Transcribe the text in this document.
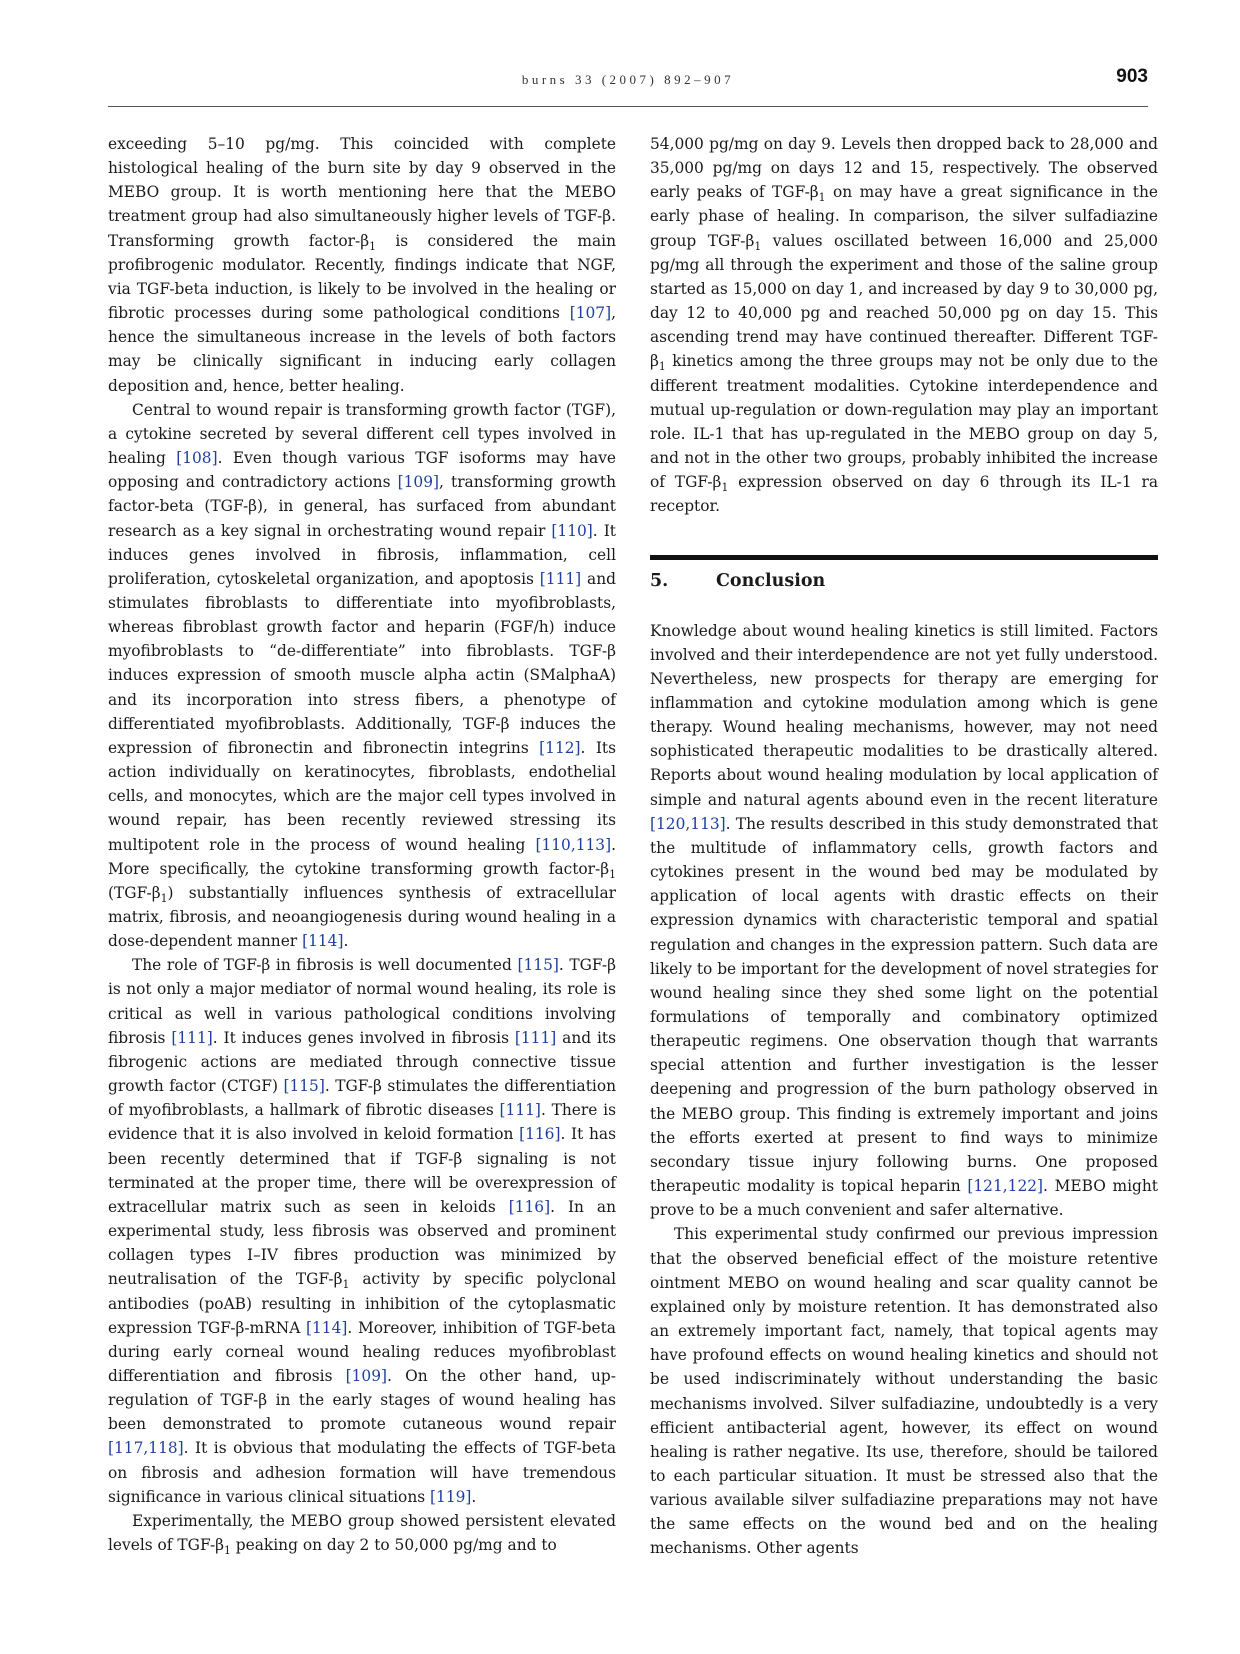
burns 33 (2007) 892–907	903

exceeding 5–10 pg/mg. This coincided with complete histological healing of the burn site by day 9 observed in the MEBO group. It is worth mentioning here that the MEBO treatment group had also simultaneously higher levels of TGF-β. Transforming growth factor-$\beta_1$ is considered the main profibrogenic modulator. Recently, findings indicate that NGF, via TGF-beta induction, is likely to be involved in the healing or fibrotic processes during some pathological conditions [107], hence the simultaneous increase in the levels of both factors may be clinically significant in inducing early collagen deposition and, hence, better healing.

Central to wound repair is transforming growth factor (TGF), a cytokine secreted by several different cell types involved in healing [108]. Even though various TGF isoforms may have opposing and contradictory actions [109], transforming growth factor-beta (TGF-β), in general, has surfaced from abundant research as a key signal in orchestrating wound repair [110]. It induces genes involved in fibrosis, inflammation, cell proliferation, cytoskeletal organization, and apoptosis [111] and stimulates fibroblasts to differentiate into myofibroblasts, whereas fibroblast growth factor and heparin (FGF/h) induce myofibroblasts to “de-differentiate” into fibroblasts. TGF-β induces expression of smooth muscle alpha actin (SMalphaA) and its incorporation into stress fibers, a phenotype of differentiated myofibroblasts. Additionally, TGF-β induces the expression of fibronectin and fibronectin integrins [112]. Its action individually on keratinocytes, fibroblasts, endothelial cells, and monocytes, which are the major cell types involved in wound repair, has been recently reviewed stressing its multipotent role in the process of wound healing [110,113]. More specifically, the cytokine transforming growth factor-$\beta_1$ $(TGF-\beta_1)$ substantially influences synthesis of extracellular matrix, fibrosis, and neoangiogenesis during wound healing in a dose-dependent manner [114].

The role of TGF-β in fibrosis is well documented [115]. TGF-β is not only a major mediator of normal wound healing, its role is critical as well in various pathological conditions involving fibrosis [111]. It induces genes involved in fibrosis [111] and its fibrogenic actions are mediated through connective tissue growth factor (CTGF) [115]. TGF-β stimulates the differentiation of myofibroblasts, a hallmark of fibrotic diseases [111]. There is evidence that it is also involved in keloid formation [116]. It has been recently determined that if TGF-β signaling is not terminated at the proper time, there will be overexpression of extracellular matrix such as seen in keloids [116]. In an experimental study, less fibrosis was observed and prominent collagen types I–IV fibres production was minimized by neutralisation of the TGF-$\beta_1$ activity by specific polyclonal antibodies (poAB) resulting in inhibition of the cytoplasmatic expression TGF-β-mRNA [114]. Moreover, inhibition of TGF-beta during early corneal wound healing reduces myofibroblast differentiation and fibrosis [109]. On the other hand, up-regulation of TGF-β in the early stages of wound healing has been demonstrated to promote cutaneous wound repair [117,118]. It is obvious that modulating the effects of TGF-beta on fibrosis and adhesion formation will have tremendous significance in various clinical situations [119].

Experimentally, the MEBO group showed persistent elevated levels of TGF-$\beta_1$ peaking on day 2 to 50,000 pg/mg and to

54,000 pg/mg on day 9. Levels then dropped back to 28,000 and 35,000 pg/mg on days 12 and 15, respectively. The observed early peaks of TGF-$\beta_1$ on may have a great significance in the early phase of healing. In comparison, the silver sulfadiazine group TGF-$\beta_1$ values oscillated between 16,000 and 25,000 pg/mg all through the experiment and those of the saline group started as 15,000 on day 1, and increased by day 9 to 30,000 pg, day 12 to 40,000 pg and reached 50,000 pg on day 15. This ascending trend may have continued thereafter. Different TGF-$\beta_1$ kinetics among the three groups may not be only due to the different treatment modalities. Cytokine interdependence and mutual up-regulation or down-regulation may play an important role. IL-1 that has up-regulated in the MEBO group on day 5, and not in the other two groups, probably inhibited the increase of TGF-$\beta_1$ expression observed on day 6 through its IL-1 ra receptor.

5.	Conclusion

Knowledge about wound healing kinetics is still limited. Factors involved and their interdependence are not yet fully understood. Nevertheless, new prospects for therapy are emerging for inflammation and cytokine modulation among which is gene therapy. Wound healing mechanisms, however, may not need sophisticated therapeutic modalities to be drastically altered. Reports about wound healing modulation by local application of simple and natural agents abound even in the recent literature [120,113]. The results described in this study demonstrated that the multitude of inflammatory cells, growth factors and cytokines present in the wound bed may be modulated by application of local agents with drastic effects on their expression dynamics with characteristic temporal and spatial regulation and changes in the expression pattern. Such data are likely to be important for the development of novel strategies for wound healing since they shed some light on the potential formulations of temporally and combinatory optimized therapeutic regimens. One observation though that warrants special attention and further investigation is the lesser deepening and progression of the burn pathology observed in the MEBO group. This finding is extremely important and joins the efforts exerted at present to find ways to minimize secondary tissue injury following burns. One proposed therapeutic modality is topical heparin [121,122]. MEBO might prove to be a much convenient and safer alternative.

This experimental study confirmed our previous impression that the observed beneficial effect of the moisture retentive ointment MEBO on wound healing and scar quality cannot be explained only by moisture retention. It has demonstrated also an extremely important fact, namely, that topical agents may have profound effects on wound healing kinetics and should not be used indiscriminately without understanding the basic mechanisms involved. Silver sulfadiazine, undoubtedly is a very efficient antibacterial agent, however, its effect on wound healing is rather negative. Its use, therefore, should be tailored to each particular situation. It must be stressed also that the various available silver sulfadiazine preparations may not have the same effects on the wound bed and on the healing mechanisms. Other agents
